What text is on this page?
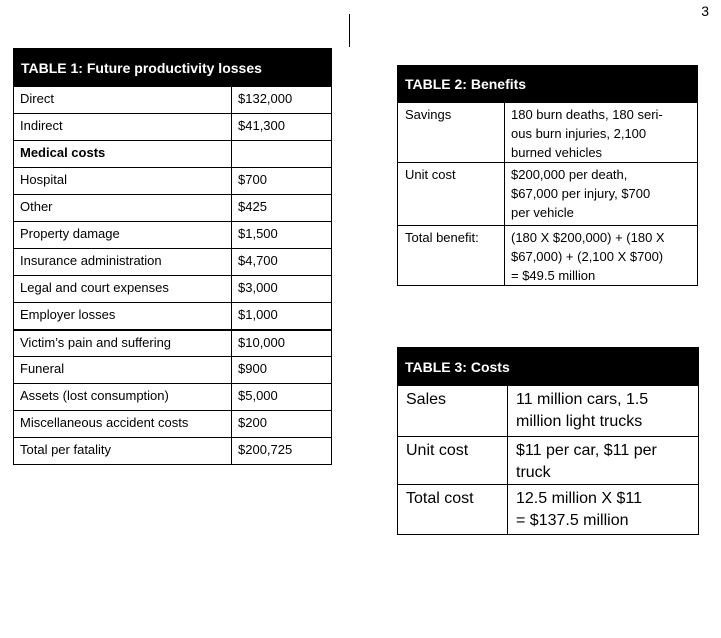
3
TABLE 1: Future productivity losses	
Direct	$132,000
Indirect	$41,300
Medical costs	
Hospital	$700
Other	$425
Property damage	$1,500
Insurance administration	$4,700
Legal and court expenses	$3,000
Employer losses	$1,000
Victim’s pain and suffering	$10,000
Funeral	$900
Assets (lost consumption)	$5,000
Miscellaneous accident costs	$200
Total per fatality	$200,725
TABLE 2: Benefits	
Savings	180 burn deaths, 180 seri-
ous burn injuries, 2,100
burned vehicles

Unit cost	$200,000 per death,
$67,000 per injury, $700
per vehicle

Total benefit:	(180 X $200,000) + (180 X
$67,000) + (2,100 X $700)
= $49.5 million
TABLE 3: Costs	
Sales	11 million cars, 1.5
million light trucks

Unit cost	$11 per car, $11 per
truck

Total cost	12.5 million X $11
= $137.5 million
